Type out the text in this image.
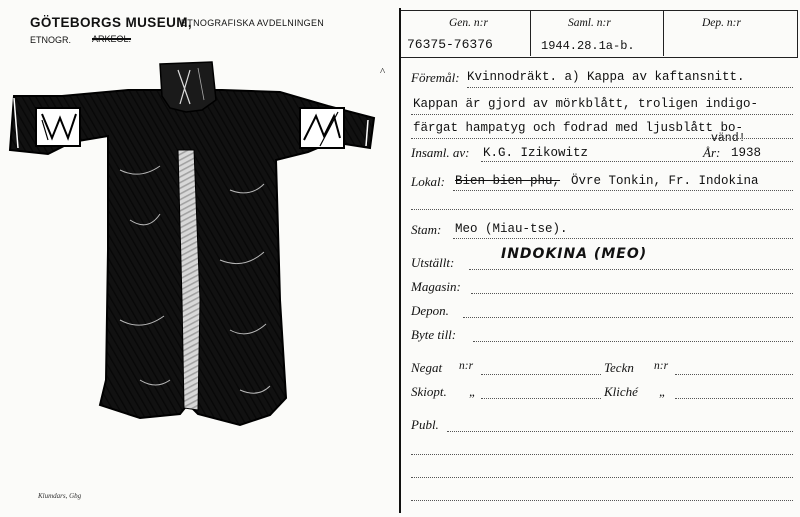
GÖTEBORGS MUSEUM,
ETNOGRAFISKA AVDELNINGEN
ETNOGR. ARKEOL.
^
Klumdars, Gbg
Gen. n:r
76375-76376
Saml. n:r
1944.28.1a-b.
Dep. n:r
Föremål: Kvinnodräkt. a) Kappa av kaftansnitt.
Kappan är gjord av mörkblått, troligen indigo-
färgat hampatyg och fodrad med ljusblått bo-
vänd!
Insaml. av: K.G. Izikowitz	År: 1938
Lokal: Bien-bien-phu, Övre Tonkin, Fr. Indokina
Stam: Meo (Miau-tse).
Utställt:
INDOKINA (MEO)
Magasin:
Depon.
Byte till:
Negat n:r	Teckn n:r
Skiopt. „	Kliché „
Publ.
